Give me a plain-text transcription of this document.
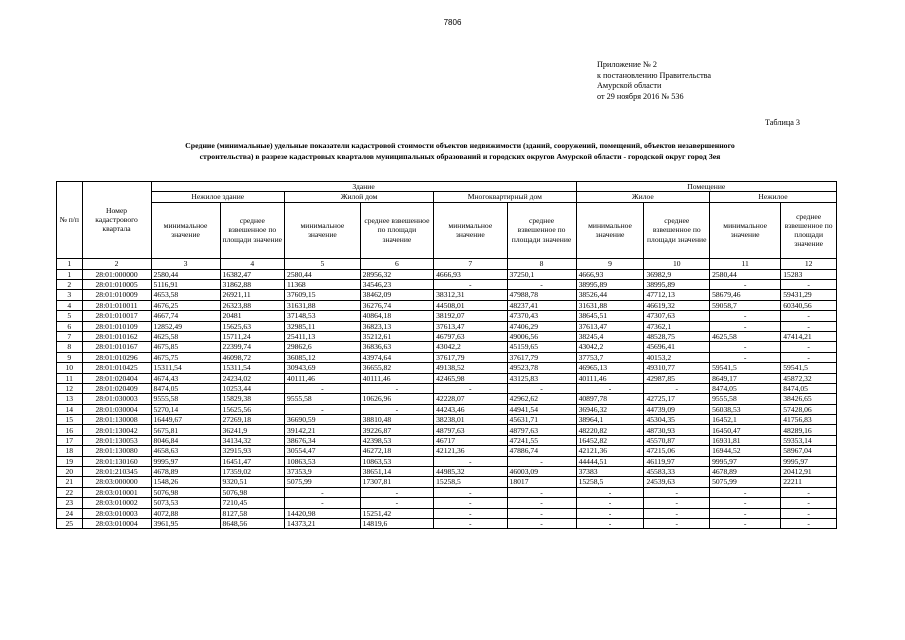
7806
Приложение № 2
к постановлению Правительства
Амурской области
от 29 ноября 2016 № 536
Таблица 3
Средние (минимальные) удельные показатели кадастровой стоимости объектов недвижимости (зданий, сооружений, помещений, объектов незавершенного
строительства) в разрезе кадастровых кварталов муниципальных образований и городских округов Амурской области - городской округ город Зея
№ п/п	Номер кадастрового квартала	Здание						Помещение			
		Нежилое здание		Жилой дом		Многоквартирный дом		Жилое		Нежилое	
		минимальное значение	среднее взвешенное по площади значение	минимальное значение	среднее взвешенное по площади значение	минимальное значение	среднее взвешенное по площади значение	минимальное значение	среднее взвешенное по площади значение	минимальное значение	среднее взвешенное по площади значение
1	2	3	4	5	6	7	8	9	10	11	12
1	28:01:000000	2580,44	16382,47	2580,44	28956,32	4666,93	37250,1	4666,93	36982,9	2580,44	15283
2	28:01:010005	5116,91	31862,88	11368	34546,23	-	-	38995,89	38995,89	-	-
3	28:01:010009	4653,58	26921,11	37609,15	38462,09	38312,31	47988,78	38526,44	47712,13	58679,46	59431,29
4	28:01:010011	4676,25	26323,88	31631,88	36276,74	44508,01	48237,41	31631,88	46619,32	59058,7	60340,56
5	28:01:010017	4667,74	20481	37148,53	40864,18	38192,07	47370,43	38645,51	47307,63	-	-
6	28:01:010109	12852,49	15625,63	32985,11	36823,13	37613,47	47406,29	37613,47	47362,1	-	-
7	28:01:010162	4625,58	15711,24	25411,13	35212,61	46797,63	49006,56	38245,4	48528,75	4625,58	47414,21
8	28:01:010167	4675,85	22399,74	29862,6	36836,63	43042,2	45159,65	43042,2	45696,41	-	-
9	28:01:010296	4675,75	46098,72	36085,12	43974,64	37617,79	37617,79	37753,7	40153,2	-	-
10	28:01:010425	15311,54	15311,54	30943,69	36655,82	49138,52	49523,78	46965,13	49310,77	59541,5	59541,5
11	28:01:020404	4674,43	24234,02	40111,46	40111,46	42465,98	43125,83	40111,46	42987,85	8649,17	45872,32
12	28:01:020409	8474,05	10253,44	-	-	-	-	-	-	8474,05	8474,05
13	28:01:030003	9555,58	15829,38	9555,58	10626,96	42228,07	42962,62	40897,78	42725,17	9555,58	38426,65
14	28:01:030004	5270,14	15625,56	-	-	44243,46	44941,54	36946,32	44739,09	56038,53	57428,06
15	28:01:130008	16449,67	27269,18	36690,59	38810,48	38238,01	45631,71	38964,1	45304,35	16452,1	41756,83
16	28:01:130042	5675,81	36241,9	39142,21	39226,87	48797,63	48797,63	48220,82	48730,93	16450,47	48289,16
17	28:01:130053	8046,84	34134,32	38676,34	42398,53	46717	47241,55	16452,82	45570,87	16931,81	59353,14
18	28:01:130080	4658,63	32915,93	30554,47	46272,18	42121,36	47886,74	42121,36	47215,06	16944,52	58967,04
19	28:01:130160	9995,97	16451,47	10863,53	10863,53	-	-	44444,51	46119,97	9995,97	9995,97
20	28:01:210345	4678,89	17359,02	37353,9	38651,14	44985,32	46003,09	37383	45583,33	4678,89	20412,91
21	28:03:000000	1548,26	9320,51	5075,99	17307,81	15258,5	18017	15258,5	24539,63	5075,99	22211
22	28:03:010001	5076,98	5076,98	-	-	-	-	-	-	-	-
23	28:03:010002	5073,53	7210,45	-	-	-	-	-	-	-	-
24	28:03:010003	4072,88	8127,58	14420,98	15251,42	-	-	-	-	-	-
25	28:03:010004	3961,95	8648,56	14373,21	14819,6	-	-	-	-	-	-
